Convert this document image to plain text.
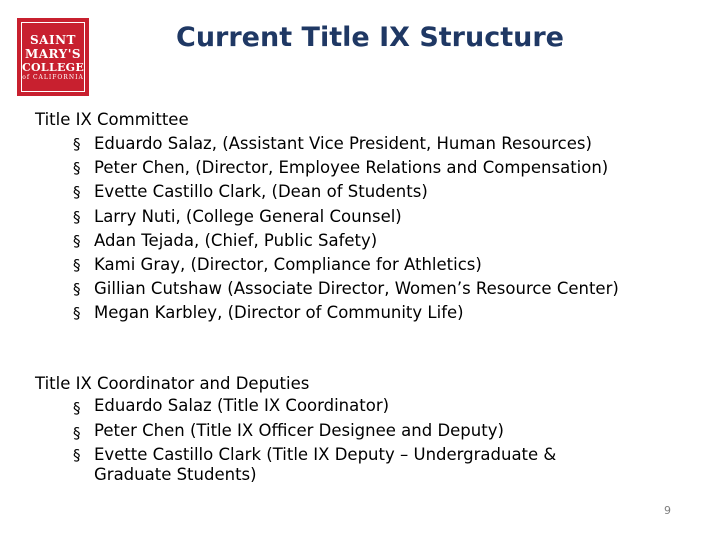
SAINT
MARY'S
COLLEGE
of CALIFORNIA
Current Title IX Structure
Title IX Committee
§ Eduardo Salaz, (Assistant Vice President, Human Resources)
§ Peter Chen, (Director, Employee Relations and Compensation)
§ Evette Castillo Clark, (Dean of Students)
§ Larry Nuti, (College General Counsel)
§ Adan Tejada, (Chief, Public Safety)
§ Kami Gray, (Director, Compliance for Athletics)
§ Gillian Cutshaw (Associate Director, Women’s Resource Center)
§ Megan Karbley, (Director of Community Life)
Title IX Coordinator and Deputies
§ Eduardo Salaz (Title IX Coordinator)
§ Peter Chen (Title IX Officer Designee and Deputy)
§ Evette Castillo Clark (Title IX Deputy – Undergraduate & Graduate Students)
9
